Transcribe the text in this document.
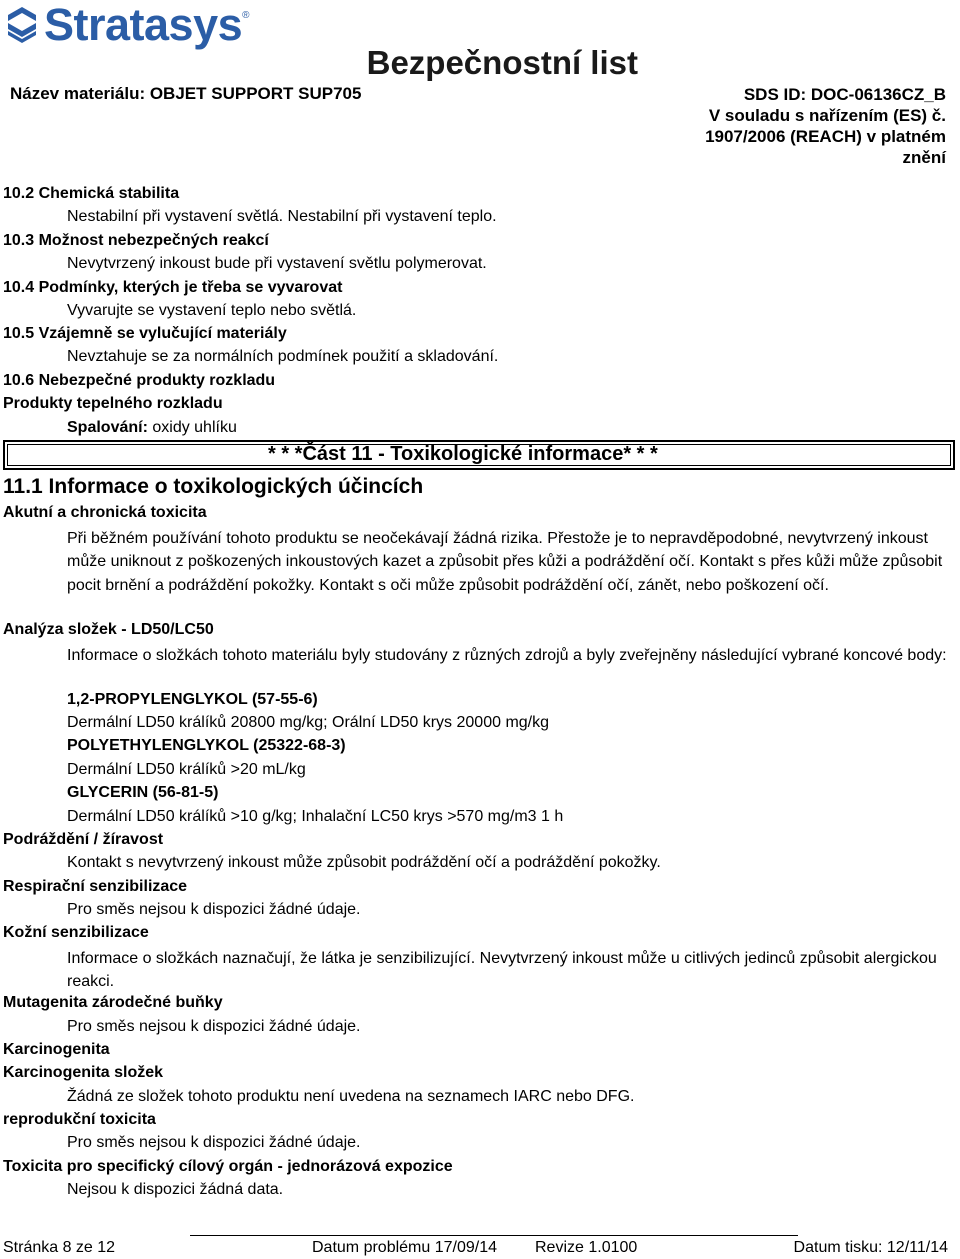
Stratasys ®
Bezpečnostní list
Název materiálu: OBJET SUPPORT SUP705	SDS ID: DOC-06136CZ_B
V souladu s nařízením (ES) č. 1907/2006 (REACH) v platném znění
10.2 Chemická stabilita
Nestabilní při vystavení světlá. Nestabilní při vystavení teplo.
10.3 Možnost nebezpečných reakcí
Nevytvrzený inkoust bude při vystavení světlu polymerovat.
10.4 Podmínky, kterých je třeba se vyvarovat
Vyvarujte se vystavení teplo nebo světlá.
10.5 Vzájemně se vylučující materiály
Nevztahuje se za normálních podmínek použití a skladování.
10.6 Nebezpečné produkty rozkladu
Produkty tepelného rozkladu
Spalování: oxidy uhlíku
* * *Část 11 - Toxikologické informace* * *
11.1 Informace o toxikologických účincích
Akutní a chronická toxicita
Při běžném používání tohoto produktu se neočekávají žádná rizika. Přestože je to nepravděpodobné, nevytvrzený inkoust může uniknout z poškozených inkoustových kazet a způsobit přes kůži a podráždění očí. Kontakt s přes kůži může způsobit pocit brnění a podráždění pokožky. Kontakt s oči může způsobit podráždění očí, zánět, nebo poškození očí.
Analýza složek - LD50/LC50
Informace o složkách tohoto materiálu byly studovány z různých zdrojů a byly zveřejněny následující vybrané koncové body:
1,2-PROPYLENGLYKOL (57-55-6)
Dermální LD50 králíků 20800 mg/kg; Orální LD50 krys 20000 mg/kg
POLYETHYLENGLYKOL (25322-68-3)
Dermální LD50 králíků >20 mL/kg
GLYCERIN (56-81-5)
Dermální LD50 králíků >10 g/kg; Inhalační LC50 krys >570 mg/m3 1 h
Podráždění / žíravost
Kontakt s nevytvrzený inkoust může způsobit podráždění očí a podráždění pokožky.
Respirační senzibilizace
Pro směs nejsou k dispozici žádné údaje.
Kožní senzibilizace
Informace o složkách naznačují, že látka je senzibilizující. Nevytvrzený inkoust může u citlivých jedinců způsobit alergickou reakci.
Mutagenita zárodečné buňky
Pro směs nejsou k dispozici žádné údaje.
Karcinogenita
Karcinogenita složek
Žádná ze složek tohoto produktu není uvedena na seznamech IARC nebo DFG.
reprodukční toxicita
Pro směs nejsou k dispozici žádné údaje.
Toxicita pro specifický cílový orgán - jednorázová expozice
Nejsou k dispozici žádná data.
Stránka 8 ze 12	Datum problému 17/09/14 Revize 1.0100	Datum tisku: 12/11/14
